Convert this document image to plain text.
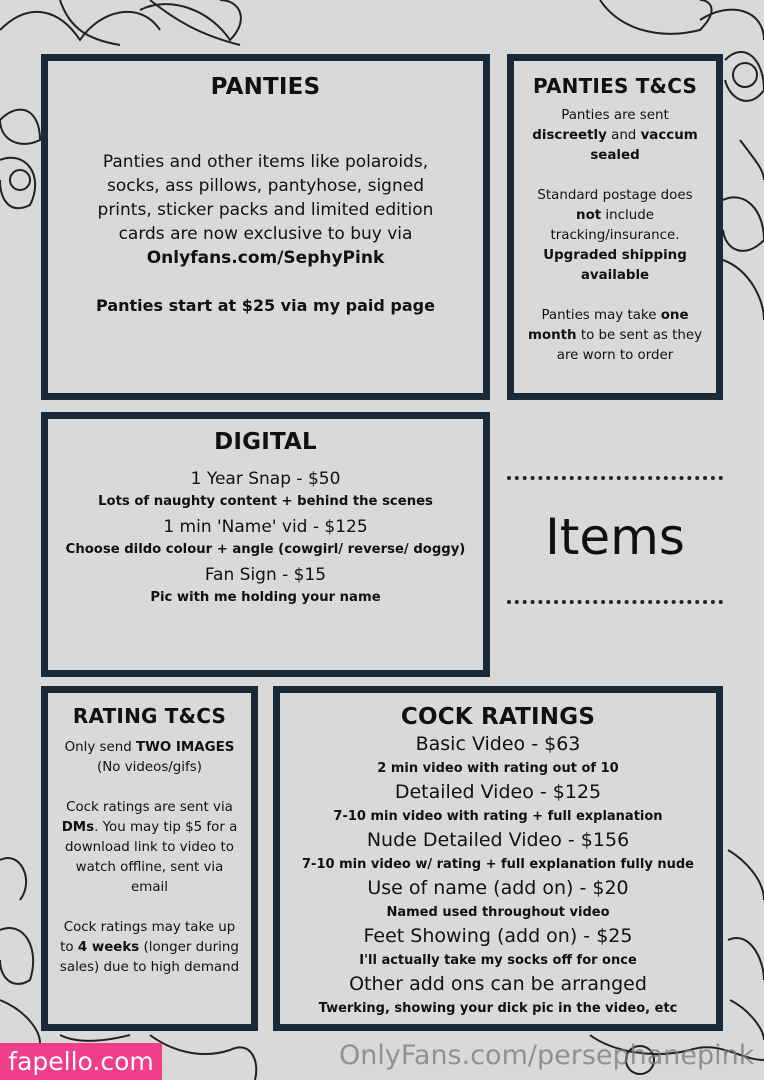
PANTIES
Panties and other items like polaroids, socks, ass pillows, pantyhose, signed prints, sticker packs and limited edition cards are now exclusive to buy via
Onlyfans.com/SephyPink
Panties start at $25 via my paid page
PANTIES T&CS
Panties are sent
discreetly and vaccum sealed
Standard postage does
not include tracking/insurance.
Upgraded shipping available
Panties may take one month to be sent as they are worn to order
DIGITAL
1 Year Snap - $50
Lots of naughty content + behind the scenes
1 min 'Name' vid - $125
Choose dildo colour + angle (cowgirl/ reverse/ doggy)
Fan Sign - $15
Pic with me holding your name
Items
RATING T&CS
Only send TWO IMAGES
(No videos/gifs)
Cock ratings are sent via DMs. You may tip $5 for a download link to video to watch offline, sent via email
Cock ratings may take up to 4 weeks (longer during sales) due to high demand
COCK RATINGS
Basic Video - $63
2 min video with rating out of 10
Detailed Video - $125
7-10 min video with rating + full explanation
Nude Detailed Video - $156
7-10 min video w/ rating + full explanation fully nude
Use of name (add on) - $20
Named used throughout video
Feet Showing (add on) - $25
I'll actually take my socks off for once
Other add ons can be arranged
Twerking, showing your dick pic in the video, etc
fapello.com	OnlyFans.com/persephanepink
